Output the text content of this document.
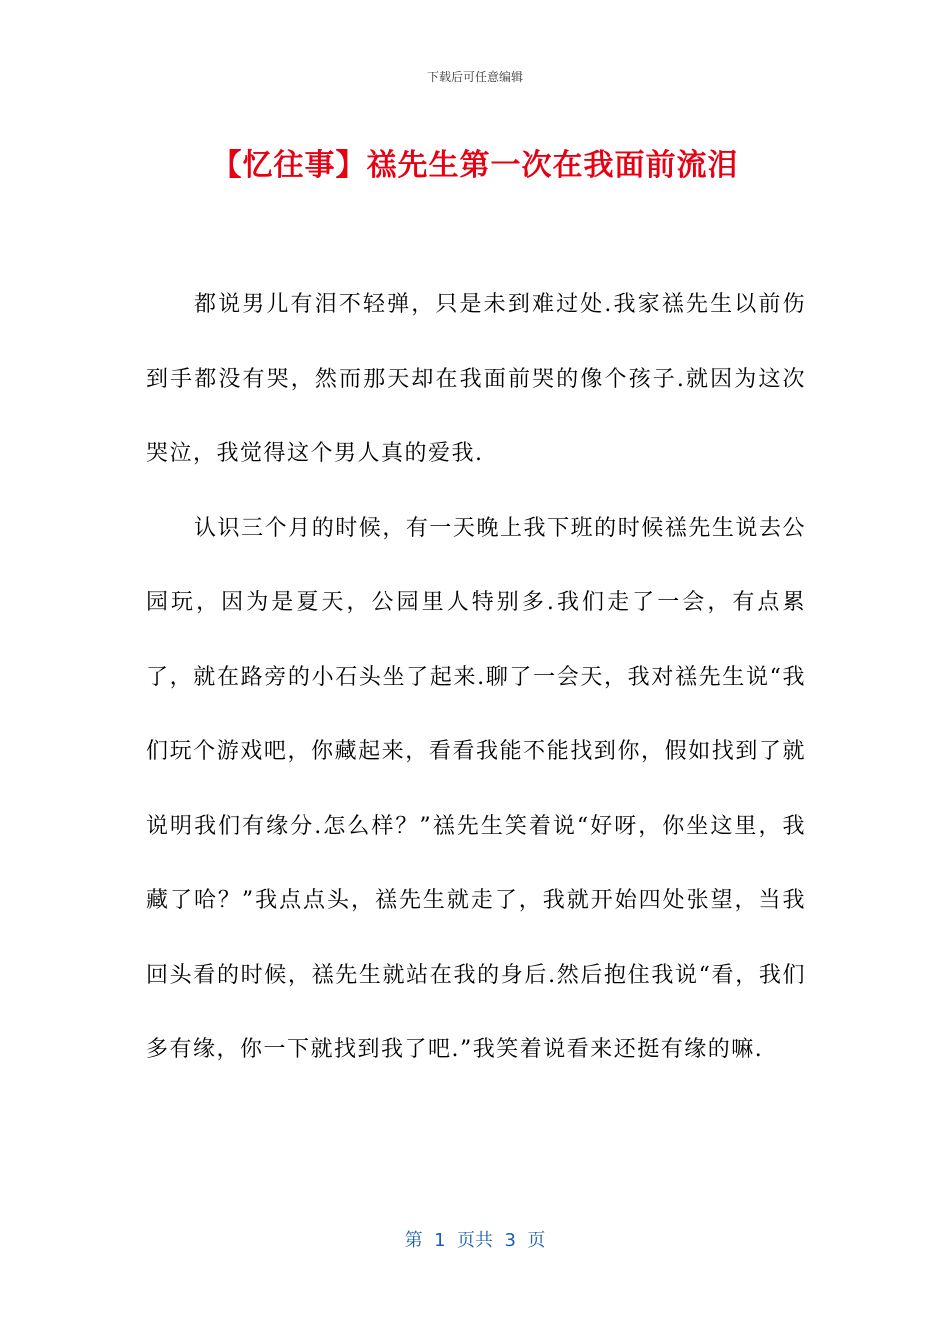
下载后可任意编辑
【忆往事】禚先生第一次在我面前流泪

都说男儿有泪不轻弹，只是未到难过处.我家禚先生以前伤到手都没有哭，然而那天却在我面前哭的像个孩子.就因为这次哭泣，我觉得这个男人真的爱我.

认识三个月的时候，有一天晚上我下班的时候禚先生说去公园玩，因为是夏天，公园里人特别多.我们走了一会，有点累了，就在路旁的小石头坐了起来.聊了一会天，我对禚先生说“我们玩个游戏吧，你藏起来，看看我能不能找到你，假如找到了就说明我们有缘分.怎么样？”禚先生笑着说“好呀，你坐这里，我藏了哈？”我点点头，禚先生就走了，我就开始四处张望，当我回头看的时候，禚先生就站在我的身后.然后抱住我说“看，我们多有缘，你一下就找到我了吧.”我笑着说看来还挺有缘的嘛.

第  1  页共  3  页
